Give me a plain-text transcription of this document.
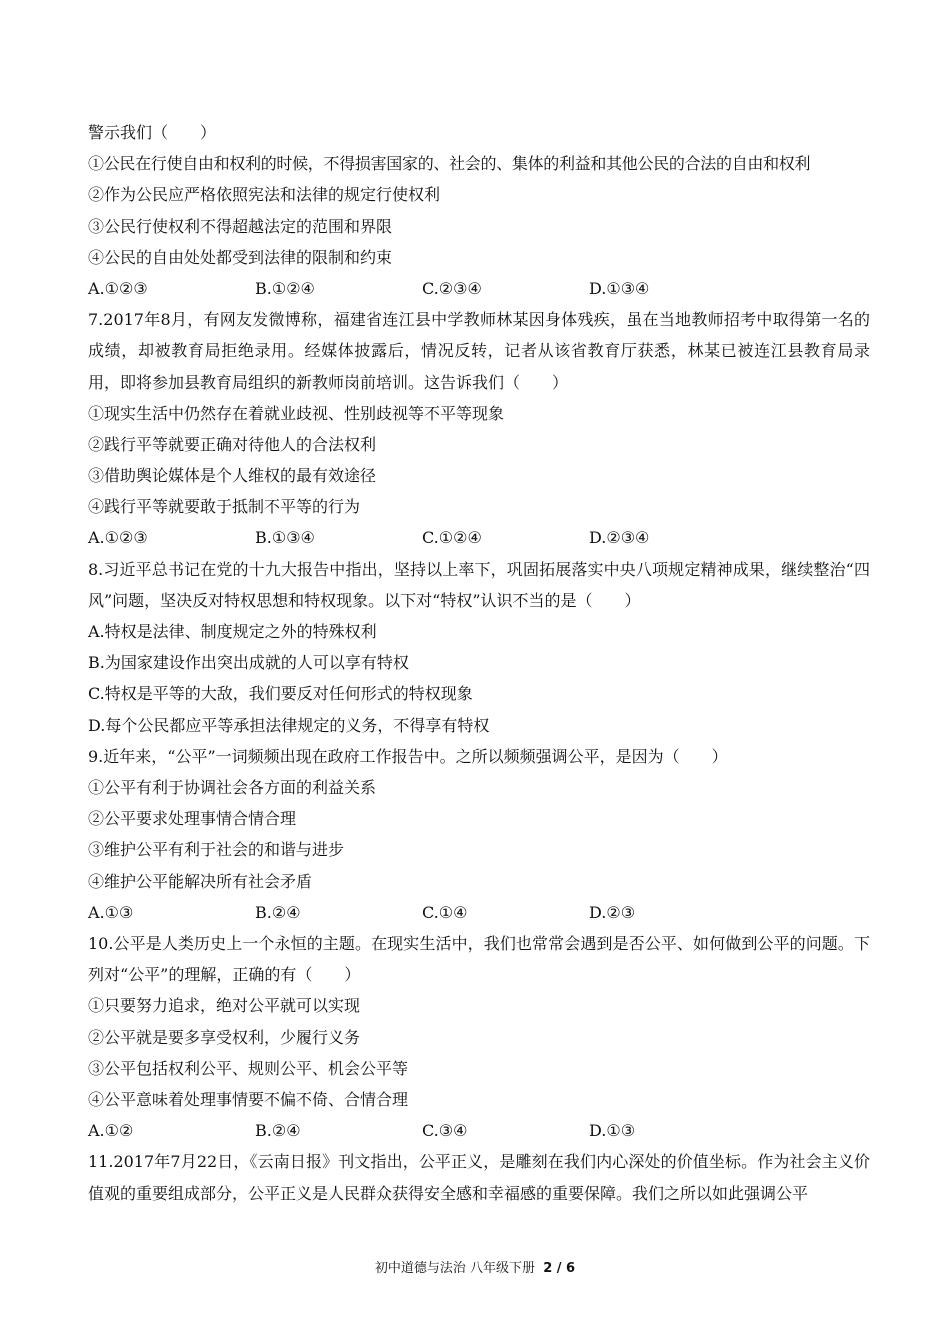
警示我们（　　）

①公民在行使自由和权利的时候，不得损害国家的、社会的、集体的利益和其他公民的合法的自由和权利

②作为公民应严格依照宪法和法律的规定行使权利

③公民行使权利不得超越法定的范围和界限

④公民的自由处处都受到法律的限制和约束

A.①②③	B.①②④	C.②③④	D.①③④

7.2017年8月，有网友发微博称，福建省连江县中学教师林某因身体残疾，虽在当地教师招考中取得第一名的成绩，却被教育局拒绝录用。经媒体披露后，情况反转，记者从该省教育厅获悉，林某已被连江县教育局录用，即将参加县教育局组织的新教师岗前培训。这告诉我们（　　）

①现实生活中仍然存在着就业歧视、性别歧视等不平等现象

②践行平等就要正确对待他人的合法权利

③借助舆论媒体是个人维权的最有效途径

④践行平等就要敢于抵制不平等的行为

A.①②③	B.①③④	C.①②④	D.②③④

8.习近平总书记在党的十九大报告中指出，坚持以上率下，巩固拓展落实中央八项规定精神成果，继续整治“四风”问题，坚决反对特权思想和特权现象。以下对“特权”认识不当的是（　　）

A.特权是法律、制度规定之外的特殊权利

B.为国家建设作出突出成就的人可以享有特权

C.特权是平等的大敌，我们要反对任何形式的特权现象

D.每个公民都应平等承担法律规定的义务，不得享有特权

9.近年来，“公平”一词频频出现在政府工作报告中。之所以频频强调公平，是因为（　　）

①公平有利于协调社会各方面的利益关系

②公平要求处理事情合情合理

③维护公平有利于社会的和谐与进步

④维护公平能解决所有社会矛盾

A.①③	B.②④	C.①④	D.②③

10.公平是人类历史上一个永恒的主题。在现实生活中，我们也常常会遇到是否公平、如何做到公平的问题。下列对“公平”的理解，正确的有（　　）

①只要努力追求，绝对公平就可以实现

②公平就是要多享受权利，少履行义务

③公平包括权利公平、规则公平、机会公平等

④公平意味着处理事情要不偏不倚、合情合理

A.①②	B.②④	C.③④	D.①③

11.2017年7月22日，《云南日报》刊文指出，公平正义，是雕刻在我们内心深处的价值坐标。作为社会主义价值观的重要组成部分，公平正义是人民群众获得安全感和幸福感的重要保障。我们之所以如此强调公平

初中道德与法治 八年级下册 2 / 6
